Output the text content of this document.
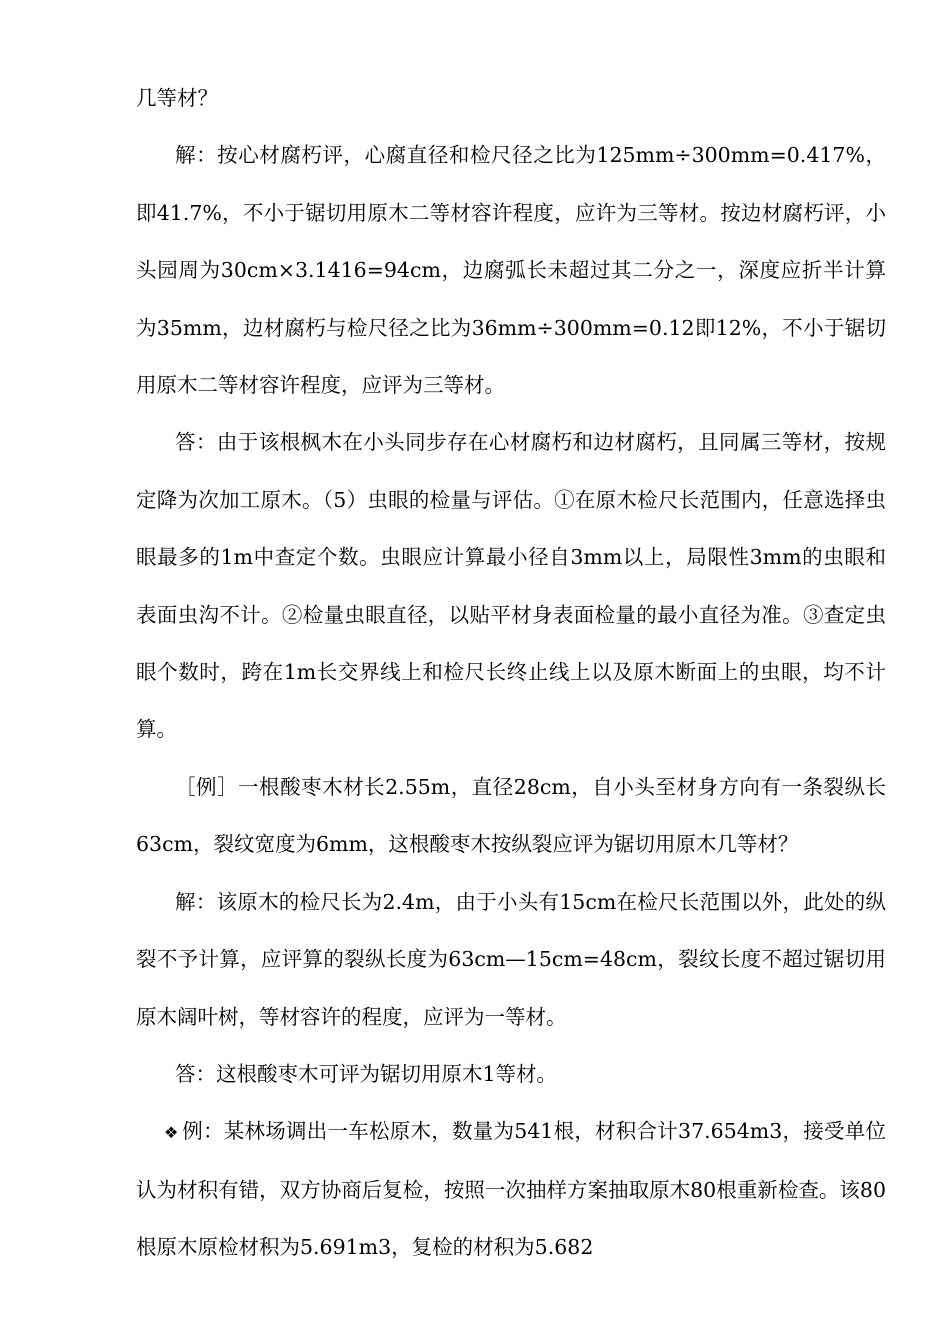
几等材？

解：按心材腐朽评，心腐直径和检尺径之比为125mm÷300mm=0.417%，即41.7%，不小于锯切用原木二等材容许程度，应许为三等材。按边材腐朽评，小头园周为30cm×3.1416=94cm，边腐弧长未超过其二分之一，深度应折半计算为35mm，边材腐朽与检尺径之比为36mm÷300mm=0.12即12%，不小于锯切用原木二等材容许程度，应评为三等材。

答：由于该根枫木在小头同步存在心材腐朽和边材腐朽，且同属三等材，按规定降为次加工原木。（5）虫眼的检量与评估。①在原木检尺长范围内，任意选择虫眼最多的1m中查定个数。虫眼应计算最小径自3mm以上，局限性3mm的虫眼和表面虫沟不计。②检量虫眼直径，以贴平材身表面检量的最小直径为准。③查定虫眼个数时，跨在1m长交界线上和检尺长终止线上以及原木断面上的虫眼，均不计算。

［例］一根酸枣木材长2.55m，直径28cm，自小头至材身方向有一条裂纵长63cm，裂纹宽度为6mm，这根酸枣木按纵裂应评为锯切用原木几等材？

解：该原木的检尺长为2.4m，由于小头有15cm在检尺长范围以外，此处的纵裂不予计算，应评算的裂纵长度为63cm—15cm=48cm，裂纹长度不超过锯切用原木阔叶树，等材容许的程度，应评为一等材。

答：这根酸枣木可评为锯切用原木1等材。

❖ 例：某林场调出一车松原木，数量为541根，材积合计37.654m3，接受单位认为材积有错，双方协商后复检，按照一次抽样方案抽取原木80根重新检查。该80根原木原检材积为5.691m3，复检的材积为5.682
